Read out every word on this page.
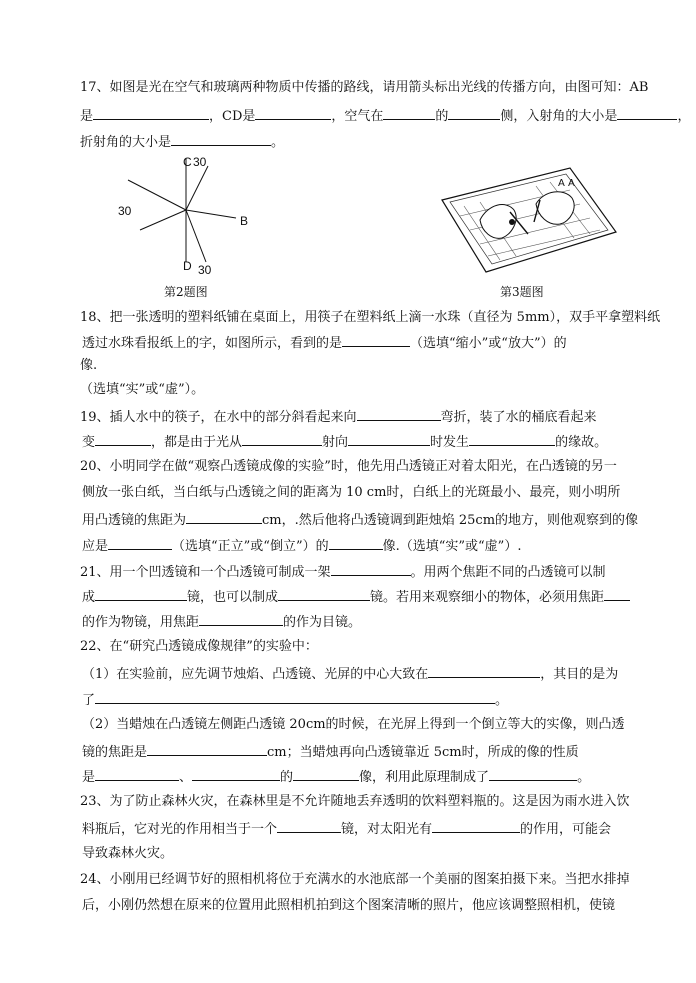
17、如图是光在空气和玻璃两种物质中传播的路线，请用箭头标出光线的传播方向，由图可知：AB
是	，CD是	，空气在	的	侧，入射角的大小是	，
折射角的大小是	。
C 30
30
B
D 30
第2题图
A A
第3题图
18、把一张透明的塑料纸铺在桌面上，用筷子在塑料纸上滴一水珠（直径为 5mm），双手平拿塑料纸
透过水珠看报纸上的字，如图所示，看到的是	（选填“缩小”或“放大”）的
像.
（选填“实”或“虚”）。
19、插人水中的筷子，在水中的部分斜看起来向	弯折，装了水的桶底看起来
变	，都是由于光从	射向	时发生	的缘故。
20、小明同学在做“观察凸透镜成像的实验”时，他先用凸透镜正对着太阳光，在凸透镜的另一
侧放一张白纸，当白纸与凸透镜之间的距离为 10 cm时，白纸上的光斑最小、最亮，则小明所
用凸透镜的焦距为	cm，.然后他将凸透镜调到距烛焰 25cm的地方，则他观察到的像
应是	（选填“正立”或“倒立”）的	像.（选填“实”或“虚”）.
21、用一个凹透镜和一个凸透镜可制成一架	。用两个焦距不同的凸透镜可以制
成	镜，也可以制成	镜。若用来观察细小的物体，必须用焦距
的作为物镜，用焦距	的作为目镜。
22、在“研究凸透镜成像规律”的实验中：
（1）在实验前，应先调节烛焰、凸透镜、光屏的中心大致在	，其目的是为
了	。
（2）当蜡烛在凸透镜左侧距凸透镜 20cm的时候，在光屏上得到一个倒立等大的实像，则凸透
镜的焦距是	cm；当蜡烛再向凸透镜靠近 5cm时，所成的像的性质
是	、	的	像，利用此原理制成了	。
23、为了防止森林火灾，在森林里是不允许随地丢弃透明的饮料塑料瓶的。这是因为雨水进入饮
料瓶后，它对光的作用相当于一个	镜，对太阳光有	的作用，可能会
导致森林火灾。
24、小刚用已经调节好的照相机将位于充满水的水池底部一个美丽的图案拍摄下来。当把水排掉
后，小刚仍然想在原来的位置用此照相机拍到这个图案清晰的照片，他应该调整照相机，使镜
